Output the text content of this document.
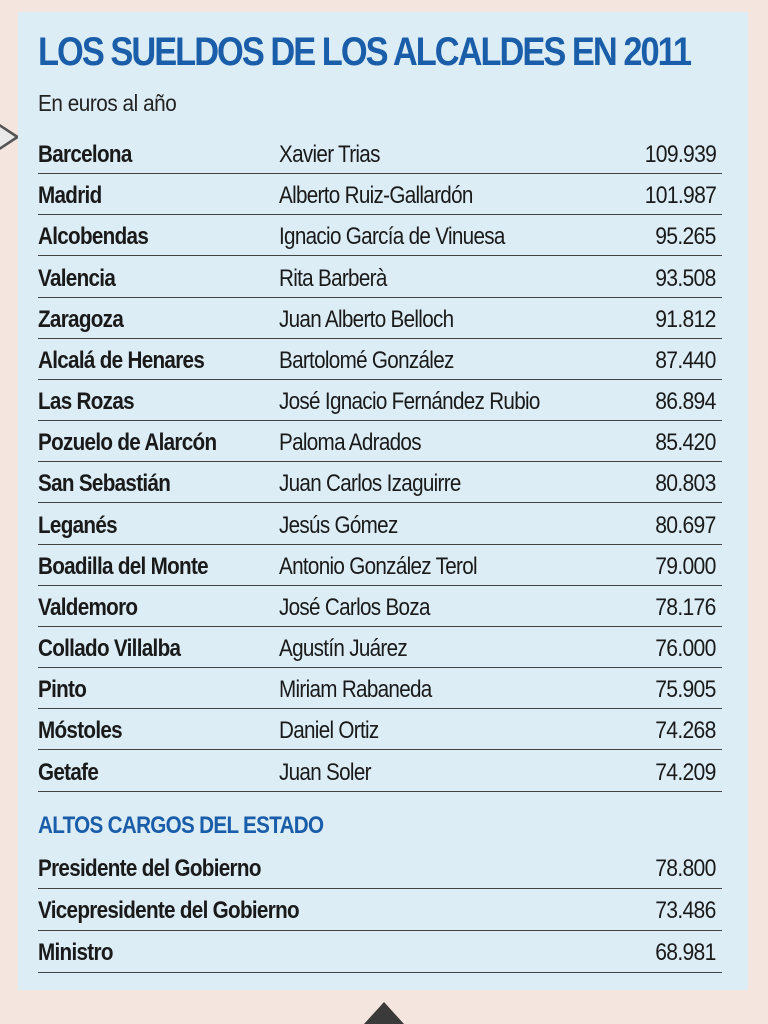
LOS SUELDOS DE LOS ALCALDES EN 2011
En euros al año
Barcelona	Xavier Trias	109.939
Madrid	Alberto Ruiz-Gallardón	101.987
Alcobendas	Ignacio García de Vinuesa	95.265
Valencia	Rita Barberà	93.508
Zaragoza	Juan Alberto Belloch	91.812
Alcalá de Henares	Bartolomé González	87.440
Las Rozas	José Ignacio Fernández Rubio	86.894
Pozuelo de Alarcón	Paloma Adrados	85.420
San Sebastián	Juan Carlos Izaguirre	80.803
Leganés	Jesús Gómez	80.697
Boadilla del Monte	Antonio González Terol	79.000
Valdemoro	José Carlos Boza	78.176
Collado Villalba	Agustín Juárez	76.000
Pinto	Miriam Rabaneda	75.905
Móstoles	Daniel Ortiz	74.268
Getafe	Juan Soler	74.209
ALTOS CARGOS DEL ESTADO
Presidente del Gobierno	78.800
Vicepresidente del Gobierno	73.486
Ministro	68.981
